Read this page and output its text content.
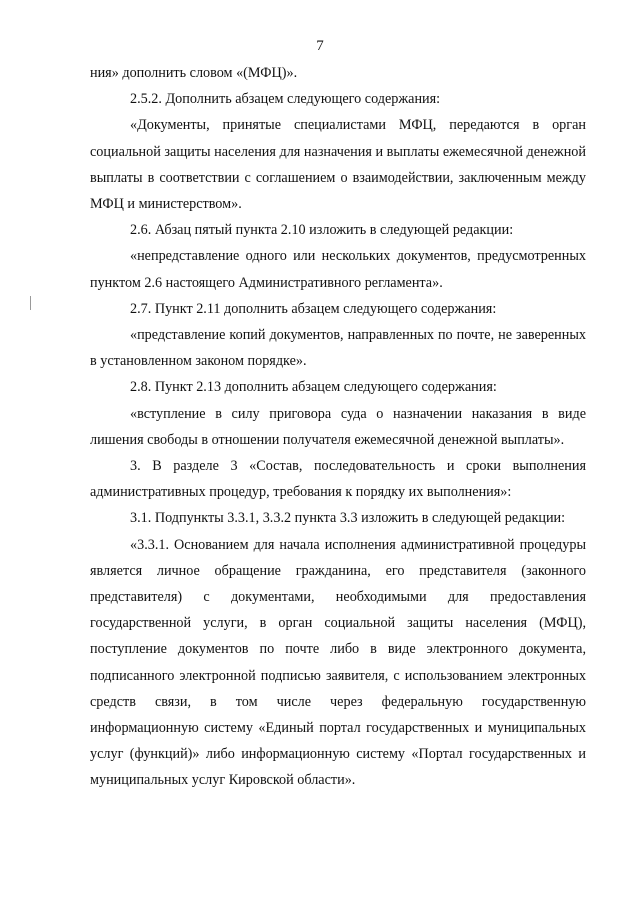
7

ния» дополнить словом «(МФЦ)».

2.5.2. Дополнить абзацем следующего содержания:

«Документы, принятые специалистами МФЦ, передаются в орган социальной защиты населения для назначения и выплаты ежемесячной денежной выплаты в соответствии с соглашением о взаимодействии, заключенным между МФЦ и министерством».

2.6. Абзац пятый пункта 2.10 изложить в следующей редакции:

«непредставление одного или нескольких документов, предусмотренных пунктом 2.6 настоящего Административного регламента».

2.7. Пункт 2.11 дополнить абзацем следующего содержания:

«представление копий документов, направленных по почте, не заверенных в установленном законом порядке».

2.8. Пункт 2.13 дополнить абзацем следующего содержания:

«вступление в силу приговора суда о назначении наказания в виде лишения свободы в отношении получателя ежемесячной денежной выплаты».

3. В разделе 3 «Состав, последовательность и сроки выполнения административных процедур, требования к порядку их выполнения»:

3.1. Подпункты 3.3.1, 3.3.2 пункта 3.3 изложить в следующей редакции:

«3.3.1. Основанием для начала исполнения административной процедуры является личное обращение гражданина, его представителя (законного представителя) с документами, необходимыми для предоставления государственной услуги, в орган социальной защиты населения (МФЦ), поступление документов по почте либо в виде электронного документа, подписанного электронной подписью заявителя, с использованием электронных средств связи, в том числе через федеральную государственную информационную систему «Единый портал государственных и муниципальных услуг (функций)» либо информационную систему «Портал государственных и муниципальных услуг Кировской области».
